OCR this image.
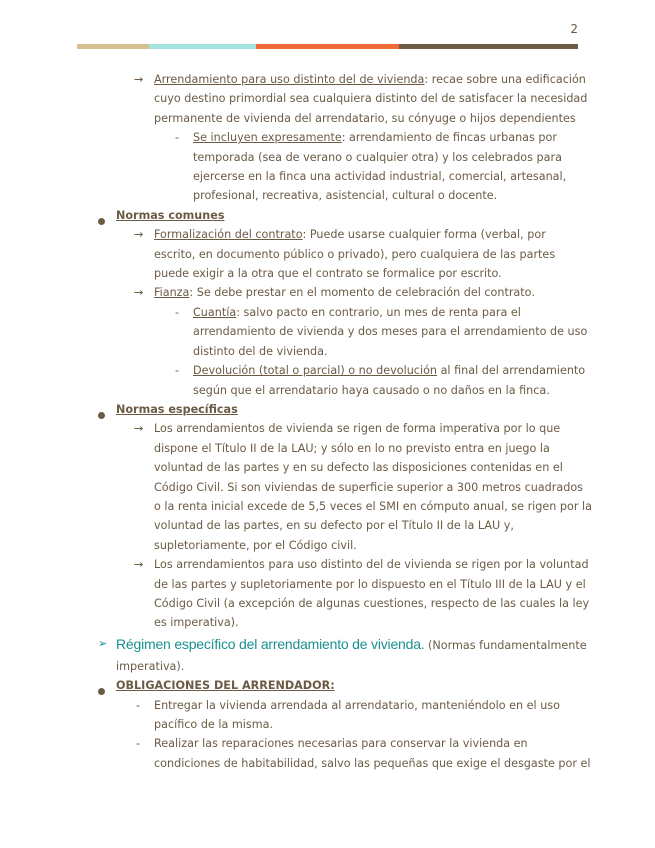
2
→ Arrendamiento para uso distinto del de vivienda: recae sobre una edificación
cuyo destino primordial sea cualquiera distinto del de satisfacer la necesidad
permanente de vivienda del arrendatario, su cónyuge o hijos dependientes
- Se incluyen expresamente: arrendamiento de fincas urbanas por
temporada (sea de verano o cualquier otra) y los celebrados para
ejercerse en la finca una actividad industrial, comercial, artesanal,
profesional, recreativa, asistencial, cultural o docente.
Normas comunes
→ Formalización del contrato: Puede usarse cualquier forma (verbal, por
escrito, en documento público o privado), pero cualquiera de las partes
puede exigir a la otra que el contrato se formalice por escrito.
→ Fianza: Se debe prestar en el momento de celebración del contrato.
- Cuantía: salvo pacto en contrario, un mes de renta para el
arrendamiento de vivienda y dos meses para el arrendamiento de uso
distinto del de vivienda.
- Devolución (total o parcial) o no devolución al final del arrendamiento
según que el arrendatario haya causado o no daños en la finca.
Normas específicas
→ Los arrendamientos de vivienda se rigen de forma imperativa por lo que
dispone el Título II de la LAU; y sólo en lo no previsto entra en juego la
voluntad de las partes y en su defecto las disposiciones contenidas en el
Código Civil. Si son viviendas de superficie superior a 300 metros cuadrados
o la renta inicial excede de 5,5 veces el SMI en cómputo anual, se rigen por la
voluntad de las partes, en su defecto por el Título II de la LAU y,
supletoriamente, por el Código civil.
→ Los arrendamientos para uso distinto del de vivienda se rigen por la voluntad
de las partes y supletoriamente por lo dispuesto en el Título III de la LAU y el
Código Civil (a excepción de algunas cuestiones, respecto de las cuales la ley
es imperativa).
➢ Régimen específico del arrendamiento de vivienda. (Normas fundamentalmente
imperativa).
OBLIGACIONES DEL ARRENDADOR:
- Entregar la vivienda arrendada al arrendatario, manteniéndolo en el uso
pacífico de la misma.
- Realizar las reparaciones necesarias para conservar la vivienda en
condiciones de habitabilidad, salvo las pequeñas que exige el desgaste por el
